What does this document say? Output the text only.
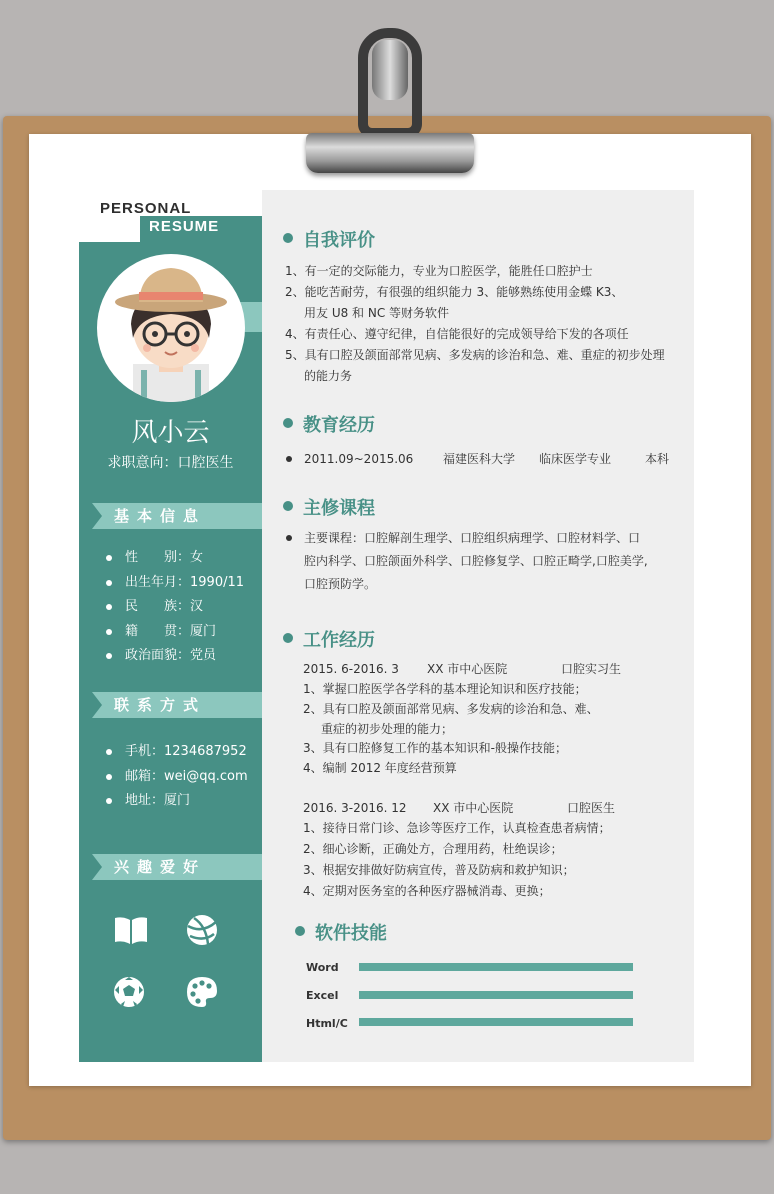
PERSONAL
RESUME
风小云
求职意向：口腔医生
基本信息
性　　别：女
出生年月：1990/11
民　　族：汉
籍　　贯：厦门
政治面貌：党员
联系方式
手机：1234687952
邮箱：wei@qq.com
地址：厦门
兴趣爱好
自我评价
1、有一定的交际能力，专业为口腔医学，能胜任口腔护士
2、能吃苦耐劳，有很强的组织能力 3、能够熟练使用金蝶 K3、
用友 U8 和 NC 等财务软件
4、有责任心、遵守纪律，自信能很好的完成领导给下发的各项任
5、具有口腔及颌面部常见病、多发病的诊治和急、难、重症的初步处理
的能力务
教育经历
2011.09~2015.06 福建医科大学 临床医学专业	本科
主修课程
主要课程：口腔解剖生理学、口腔组织病理学、口腔材料学、口
腔内科学、口腔颌面外科学、口腔修复学、口腔正畸学,口腔美学,
口腔预防学。
工作经历
2015. 6-2016. 3 XX 市中心医院	口腔实习生
1、掌握口腔医学各学科的基本理论知识和医疗技能；
2、具有口腔及颌面部常见病、多发病的诊治和急、难、
重症的初步处理的能力；
3、具有口腔修复工作的基本知识和-般操作技能；
4、编制 2012 年度经营预算
2016. 3-2016. 12 XX 市中心医院	口腔医生
1、接待日常门诊、急诊等医疗工作，认真检查患者病情；
2、细心诊断，正确处方，合理用药，杜绝误诊；
3、根据安排做好防病宣传，普及防病和救护知识；
4、定期对医务室的各种医疗器械消毒、更换；
软件技能
Word
Excel
Html/C
